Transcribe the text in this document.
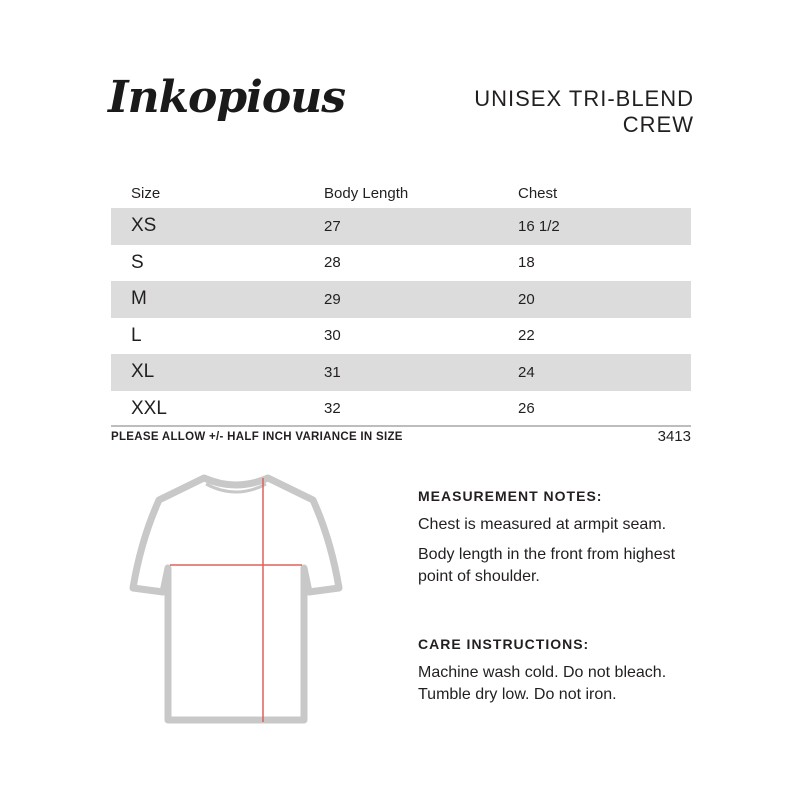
Inkopious	UNISEX TRI-BLEND
CREW
Size	Body Length	Chest
XS	27	16 1/2
S	28	18
M	29	20
L	30	22
XL	31	24
XXL	32	26
PLEASE ALLOW +/- HALF INCH VARIANCE IN SIZE	3413
MEASUREMENT NOTES:

Chest is measured at armpit seam.

Body length in the front from highest point of shoulder.

CARE INSTRUCTIONS:

Machine wash cold. Do not bleach.

Tumble dry low. Do not iron.
